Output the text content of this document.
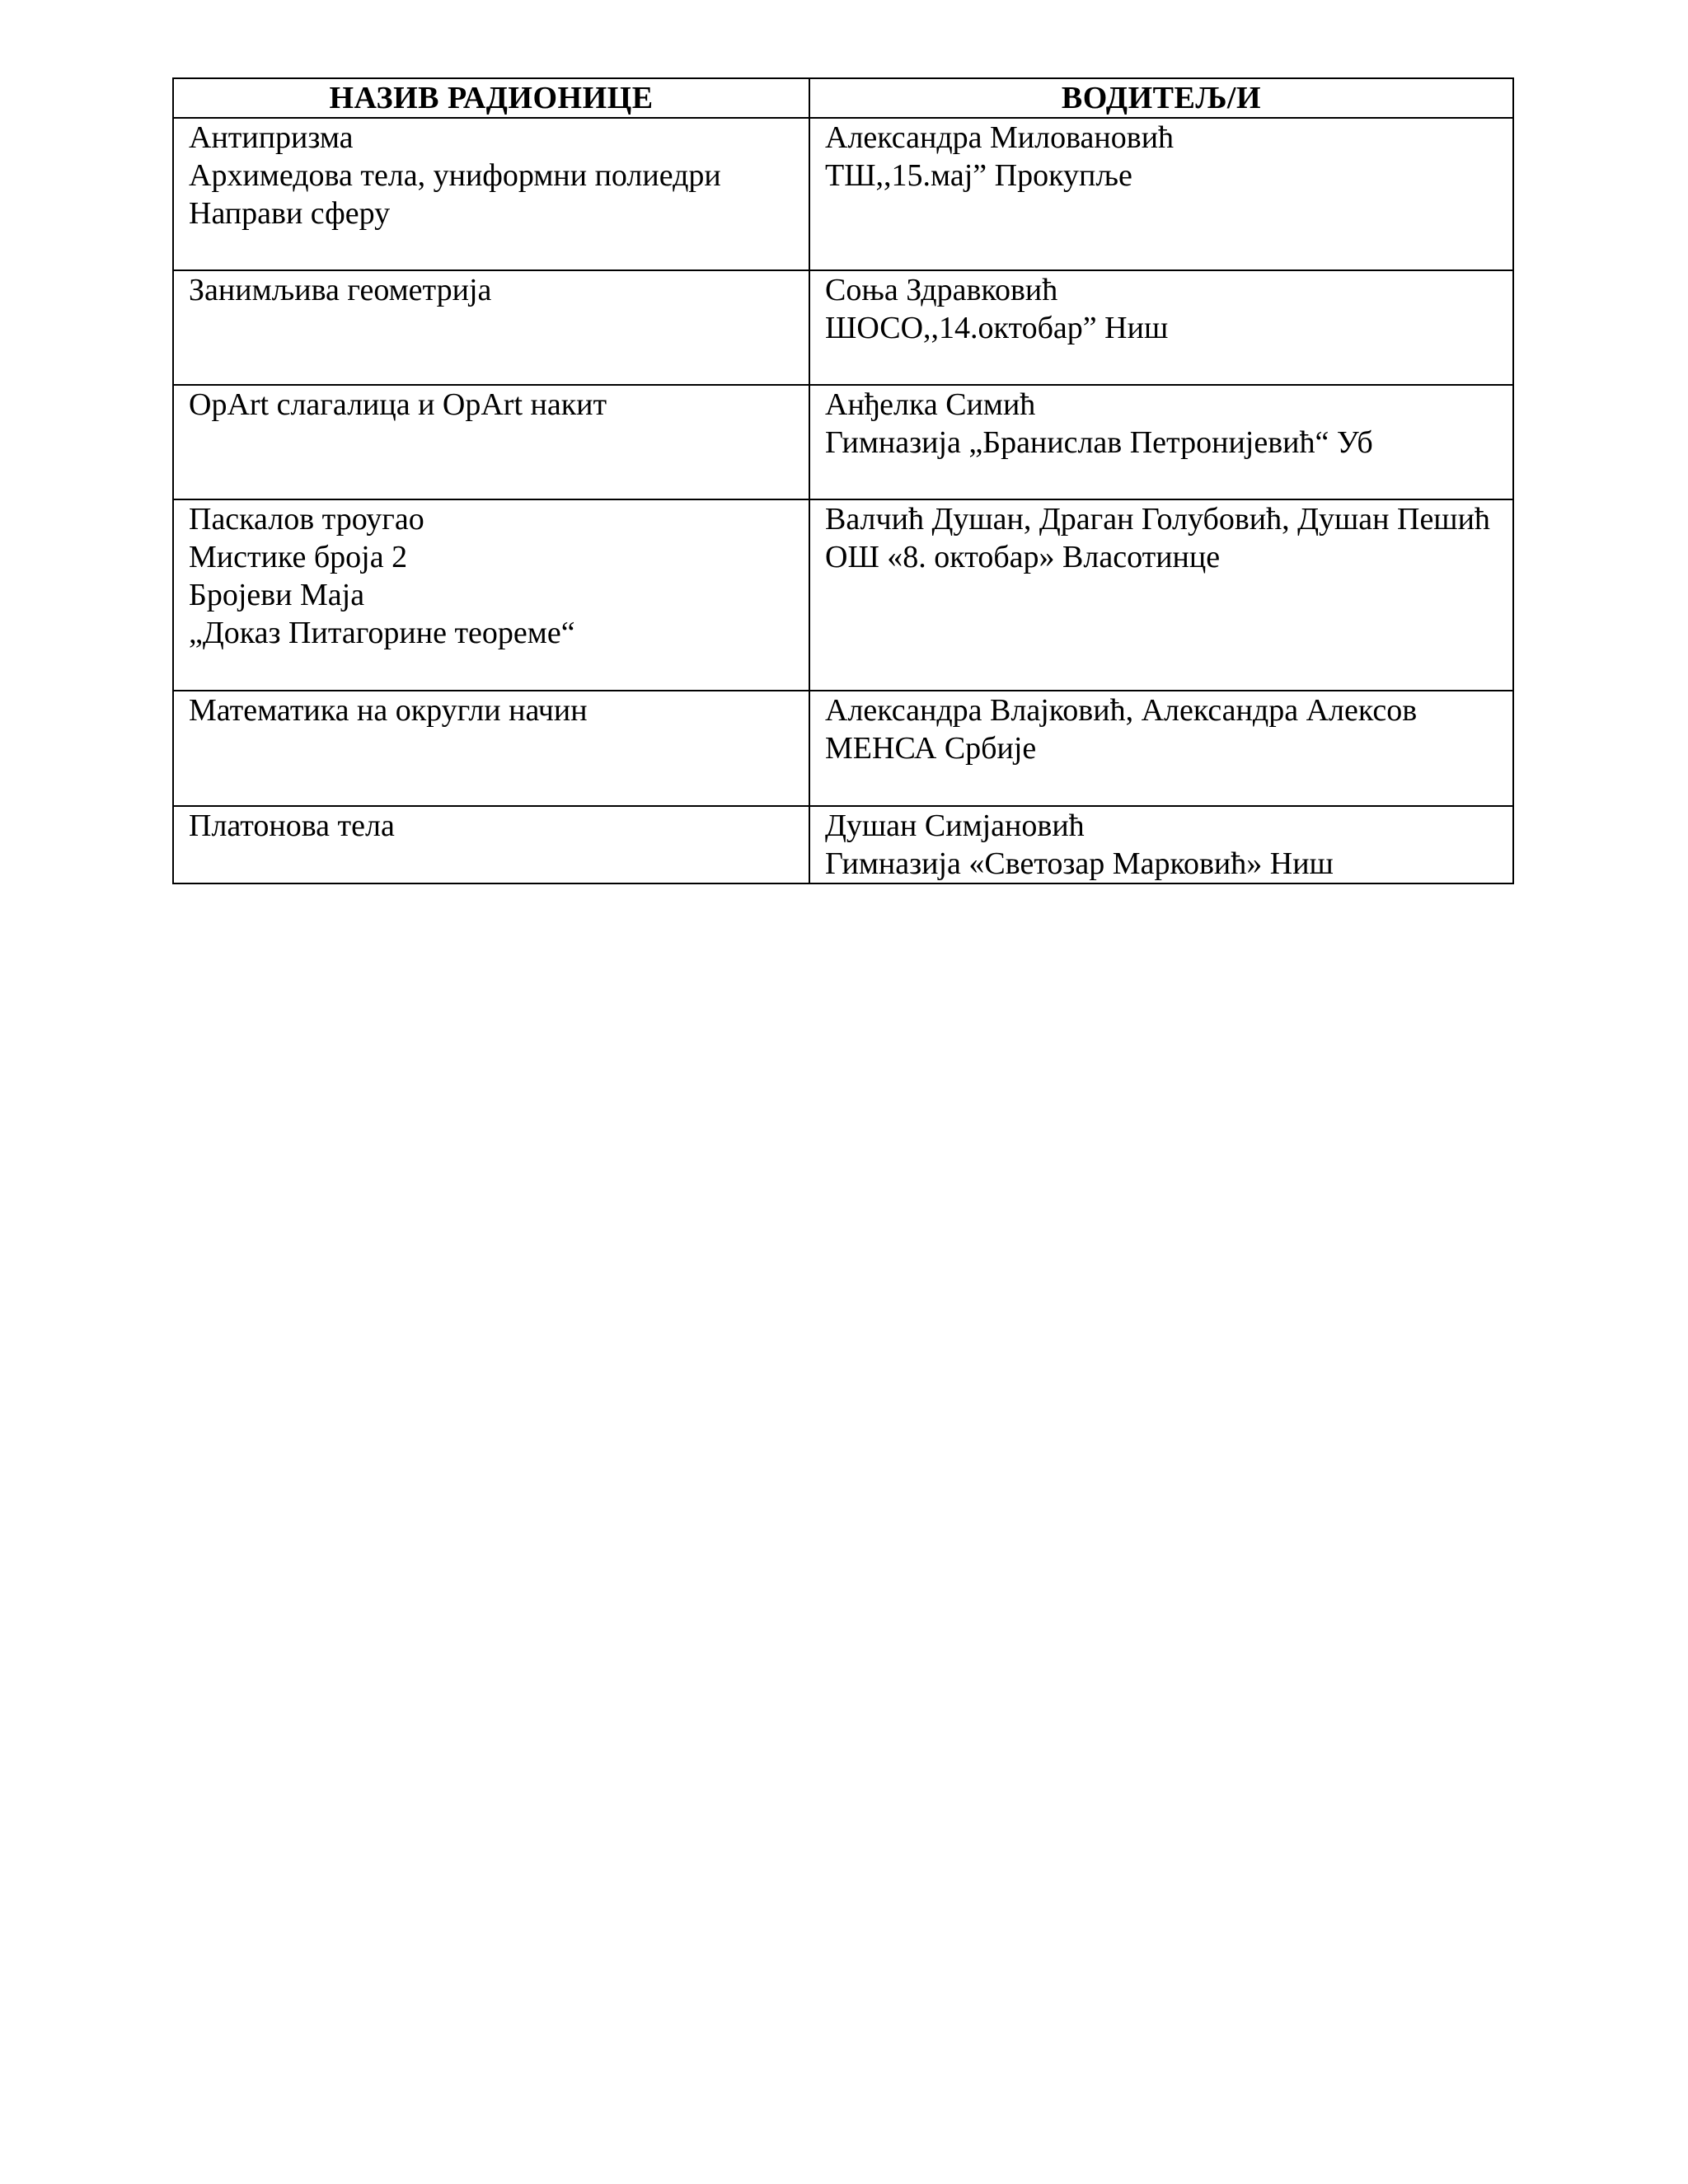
НАЗИВ РАДИОНИЦЕ	ВОДИТЕЉ/И

Антипризма
Архимедова тела, униформни полиедри
Направи сферу	Александра Миловановић
ТШ,,15.мај” Прокупље

Занимљива геометрија	Соња Здравковић
ШОСО,,14.октобар” Ниш

OpArt слагалица и OpArt накит	Анђелка Симић
Гимназија „Бранислав Петронијевић“ Уб

Паскалов троугао
Мистике броја 2
Бројеви Маја
„Доказ Питагорине теореме“	Валчић Душан, Драган Голубовић, Душан Пешић
ОШ «8. октобар» Власотинце

Математика на округли начин	Александра Влајковић, Александра Алексов
МЕНСА Србије

Платонова тела	Душан Симјановић
Гимназија «Светозар Марковић» Ниш
